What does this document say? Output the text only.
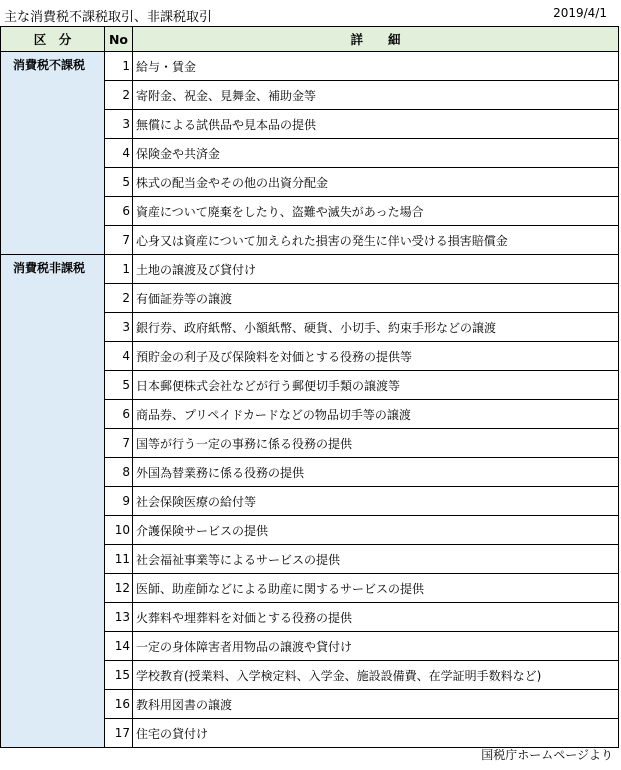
主な消費税不課税取引、非課税取引	2019/4/1
区　分	No	詳　　細
消費税不課税	1	給与・賃金
	2	寄附金、祝金、見舞金、補助金等
	3	無償による試供品や見本品の提供
	4	保険金や共済金
	5	株式の配当金やその他の出資分配金
	6	資産について廃棄をしたり、盗難や滅失があった場合
	7	心身又は資産について加えられた損害の発生に伴い受ける損害賠償金
消費税非課税	1	土地の譲渡及び貸付け
	2	有価証券等の譲渡
	3	銀行券、政府紙幣、小額紙幣、硬貨、小切手、約束手形などの譲渡
	4	預貯金の利子及び保険料を対価とする役務の提供等
	5	日本郵便株式会社などが行う郵便切手類の譲渡等
	6	商品券、プリペイドカードなどの物品切手等の譲渡
	7	国等が行う一定の事務に係る役務の提供
	8	外国為替業務に係る役務の提供
	9	社会保険医療の給付等
	10	介護保険サービスの提供
	11	社会福祉事業等によるサービスの提供
	12	医師、助産師などによる助産に関するサービスの提供
	13	火葬料や埋葬料を対価とする役務の提供
	14	一定の身体障害者用物品の譲渡や貸付け
	15	学校教育(授業料、入学検定料、入学金、施設設備費、在学証明手数料など)
	16	教科用図書の譲渡
	17	住宅の貸付け
国税庁ホームページより
